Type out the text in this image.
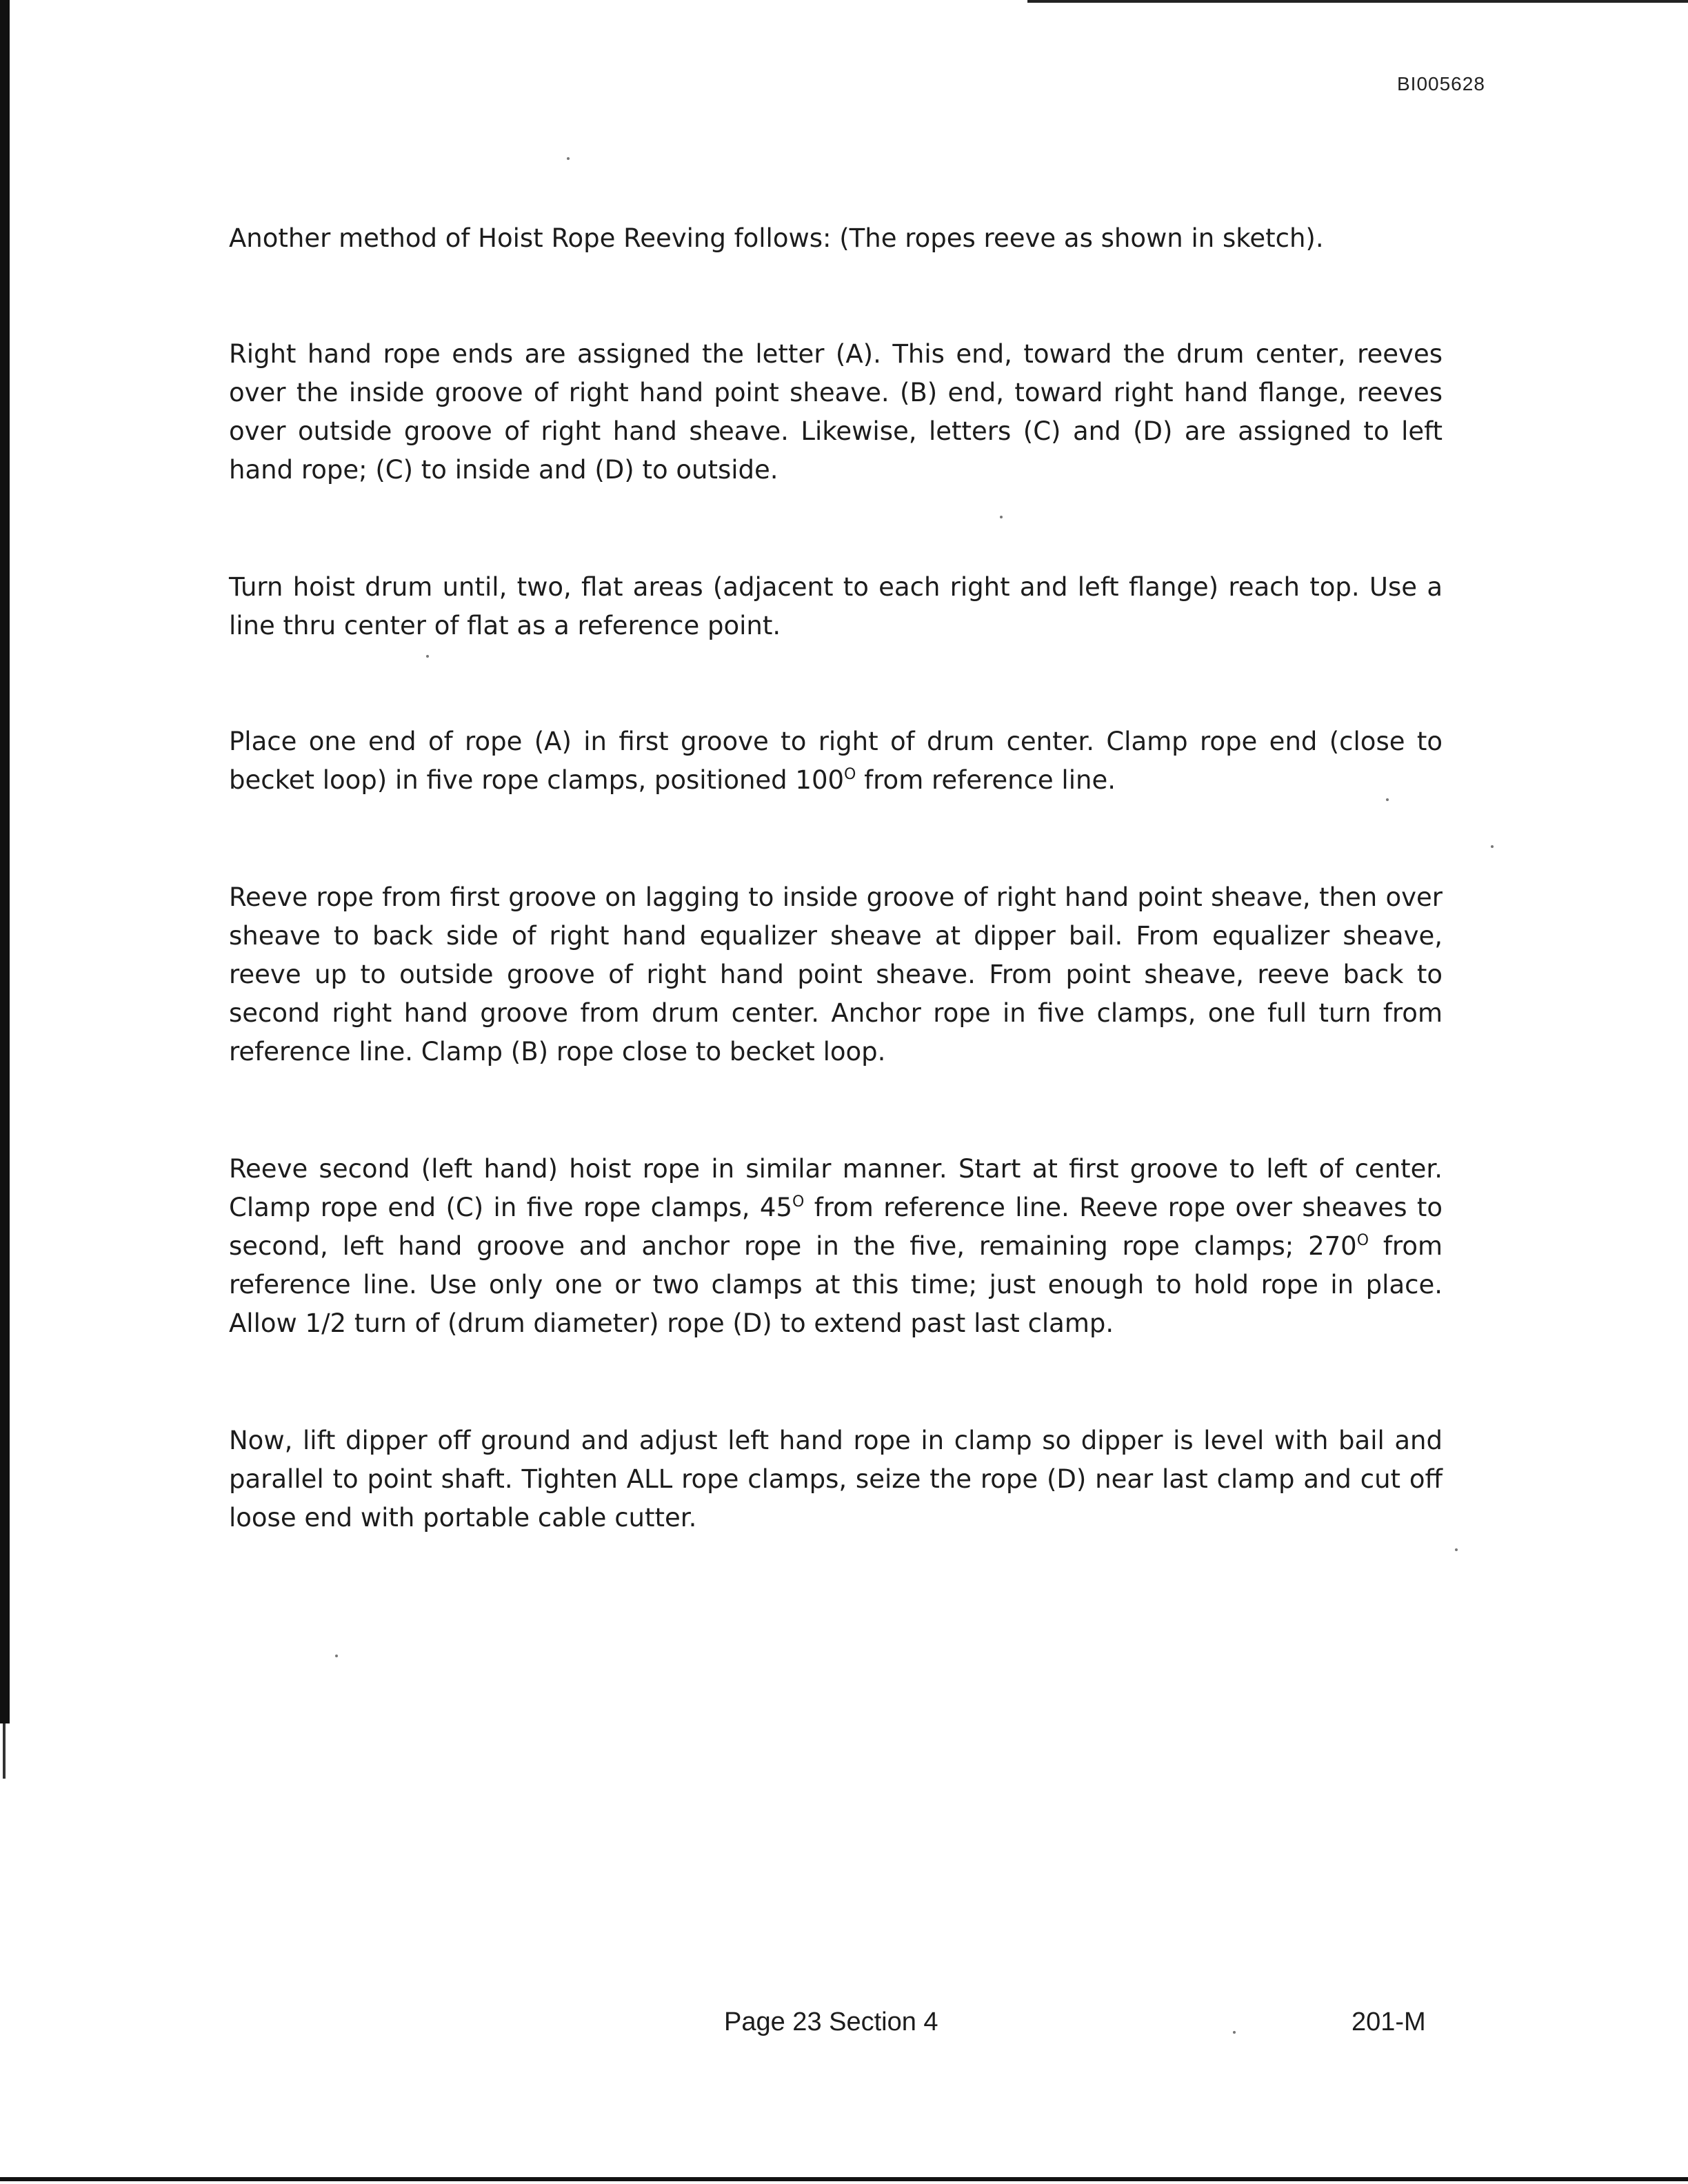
BI005628

Another method of Hoist Rope Reeving follows: (The ropes reeve as shown in sketch).

Right hand rope ends are assigned the letter (A). This end, toward the drum center, reeves over the inside groove of right hand point sheave. (B) end, toward right hand flange, reeves over outside groove of right hand sheave. Likewise, letters (C) and (D) are assigned to left hand rope; (C) to inside and (D) to outside.

Turn hoist drum until, two, flat areas (adjacent to each right and left flange) reach top. Use a line thru center of flat as a reference point.

Place one end of rope (A) in first groove to right of drum center. Clamp rope end (close to becket loop) in five rope clamps, positioned $100^O$ from reference line.

Reeve rope from first groove on lagging to inside groove of right hand point sheave, then over sheave to back side of right hand equalizer sheave at dipper bail. From equalizer sheave, reeve up to outside groove of right hand point sheave. From point sheave, reeve back to second right hand groove from drum center. Anchor rope in five clamps, one full turn from reference line. Clamp (B) rope close to becket loop.

Reeve second (left hand) hoist rope in similar manner. Start at first groove to left of center. Clamp rope end (C) in five rope clamps, $45^O$ from reference line. Reeve rope over sheaves to second, left hand groove and anchor rope in the five, remaining rope clamps; $270^O$ from reference line. Use only one or two clamps at this time; just enough to hold rope in place. Allow 1/2 turn of (drum diameter) rope (D) to extend past last clamp.

Now, lift dipper off ground and adjust left hand rope in clamp so dipper is level with bail and parallel to point shaft. Tighten ALL rope clamps, seize the rope (D) near last clamp and cut off loose end with portable cable cutter.

Page 23 Section 4	201-M
